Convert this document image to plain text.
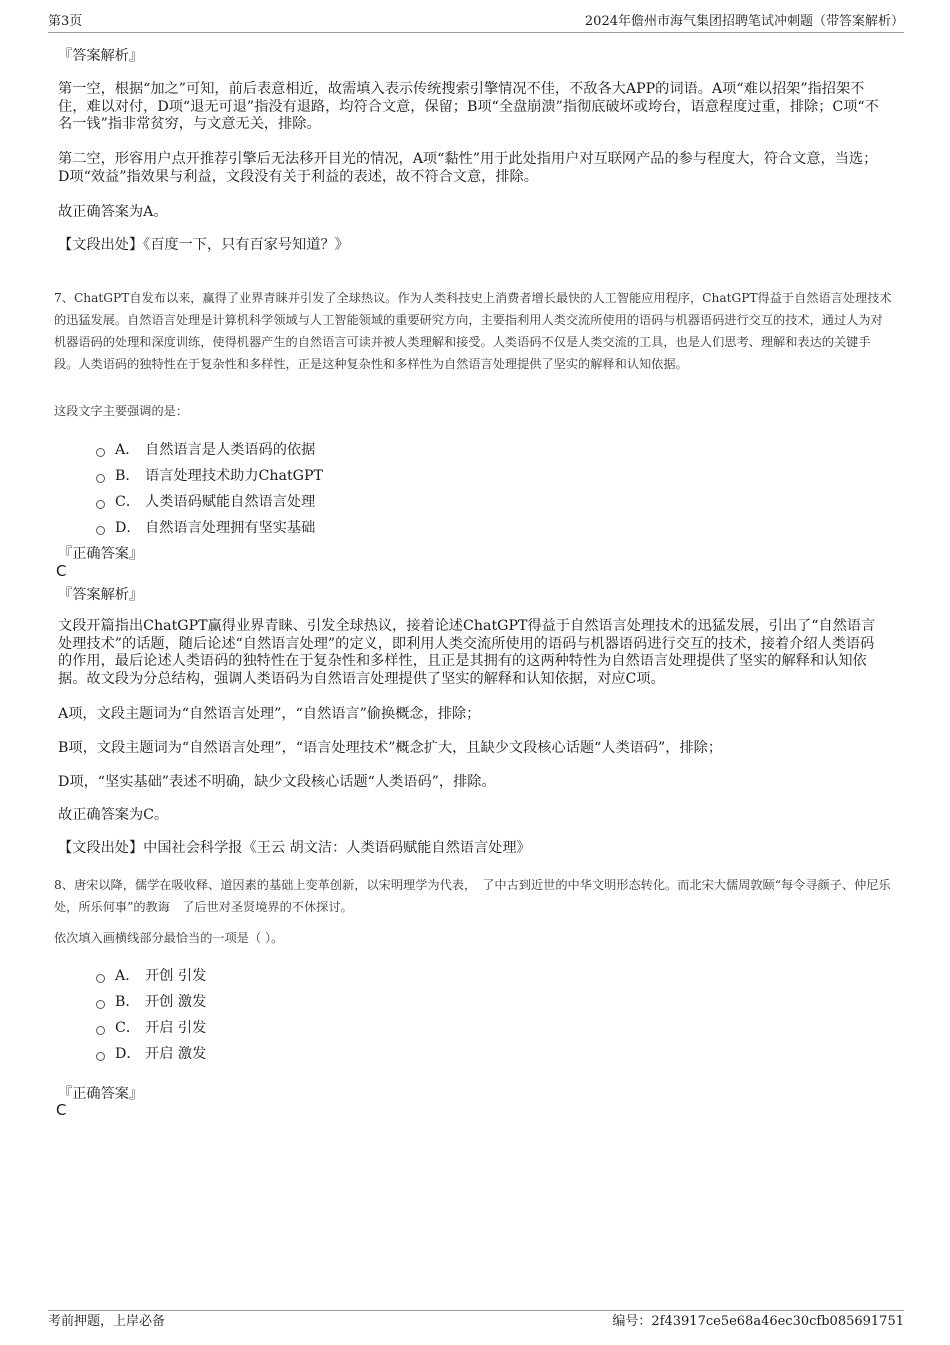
第3页	2024年儋州市海气集团招聘笔试冲刺题（带答案解析）
『答案解析』
第一空，根据“加之”可知，前后表意相近，故需填入表示传统搜索引擎情况不佳，不敌各大APP的词语。A项“难以招架”指招架不住，难以对付，D项“退无可退”指没有退路，均符合文意，保留；B项“全盘崩溃”指彻底破坏或垮台，语意程度过重，排除；C项“不名一钱”指非常贫穷，与文意无关，排除。
第二空，形容用户点开推荐引擎后无法移开目光的情况，A项“黏性”用于此处指用户对互联网产品的参与程度大，符合文意，当选；D项“效益”指效果与利益，文段没有关于利益的表述，故不符合文意，排除。
故正确答案为A。
【文段出处】《百度一下，只有百家号知道？》
7、ChatGPT自发布以来，赢得了业界青睐并引发了全球热议。作为人类科技史上消费者增长最快的人工智能应用程序，ChatGPT得益于自然语言处理技术的迅猛发展。自然语言处理是计算机科学领域与人工智能领域的重要研究方向，主要指利用人类交流所使用的语码与机器语码进行交互的技术，通过人为对机器语码的处理和深度训练，使得机器产生的自然语言可读并被人类理解和接受。人类语码不仅是人类交流的工具，也是人们思考、理解和表达的关键手段。人类语码的独特性在于复杂性和多样性，正是这种复杂性和多样性为自然语言处理提供了坚实的解释和认知依据。
这段文字主要强调的是：
A． 自然语言是人类语码的依据
B． 语言处理技术助力ChatGPT
C． 人类语码赋能自然语言处理
D． 自然语言处理拥有坚实基础
『正确答案』
C
『答案解析』
文段开篇指出ChatGPT赢得业界青睐、引发全球热议，接着论述ChatGPT得益于自然语言处理技术的迅猛发展，引出了“自然语言处理技术”的话题，随后论述“自然语言处理”的定义，即利用人类交流所使用的语码与机器语码进行交互的技术，接着介绍人类语码的作用，最后论述人类语码的独特性在于复杂性和多样性，且正是其拥有的这两种特性为自然语言处理提供了坚实的解释和认知依据。故文段为分总结构，强调人类语码为自然语言处理提供了坚实的解释和认知依据，对应C项。
A项，文段主题词为“自然语言处理”，“自然语言”偷换概念，排除；
B项，文段主题词为“自然语言处理”，“语言处理技术”概念扩大，且缺少文段核心话题“人类语码”，排除；
D项，“坚实基础”表述不明确，缺少文段核心话题“人类语码”，排除。
故正确答案为C。
【文段出处】中国社会科学报《王云 胡文洁：人类语码赋能自然语言处理》
8、唐宋以降，儒学在吸收释、道因素的基础上变革创新，以宋明理学为代表，　了中古到近世的中华文明形态转化。而北宋大儒周敦颐“每令寻颜子、仲尼乐处，所乐何事”的教诲　了后世对圣贤境界的不休探讨。
依次填入画横线部分最恰当的一项是（ ）。
A． 开创 引发
B． 开创 激发
C． 开启 引发
D． 开启 激发
『正确答案』
C
考前押题，上岸必备	编号：2f43917ce5e68a46ec30cfb085691751
